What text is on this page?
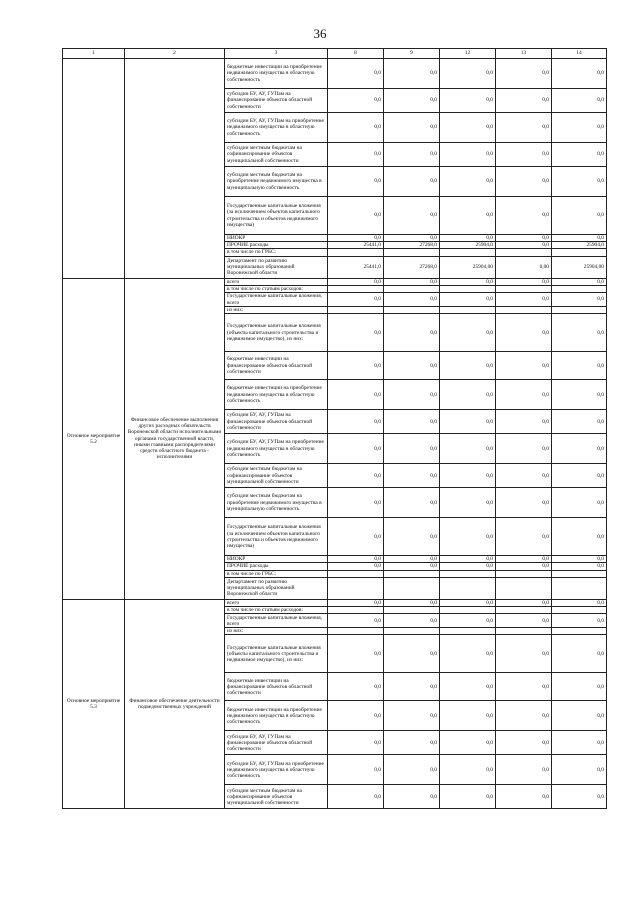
36
1	2	3	8	9	12	13	14
		бюджетные инвестиции на приобретение недвижимого имущества в областную собственность	0,0	0,0	0,0	0,0	0,0
		субсидии БУ, АУ, ГУПам на финансирование объектов областной собственности	0,0	0,0	0,0	0,0	0,0
		субсидии БУ, АУ, ГУПам на приобретение недвижимого имущества в областную собственность	0,0	0,0	0,0	0,0	0,0
		субсидии местным бюджетам на софинансирование объектов муниципальной собственности	0,0	0,0	0,0	0,0	0,0
		субсидии местным бюджетам на приобретение недвижимого имущества в муниципальную собственность	0,0	0,0	0,0	0,0	0,0
		Государственные капитальные вложения (за исключением объектов капитального строительства и объектов недвижимого имущества)	0,0	0,0	0,0	0,0	0,0
		НИОКР	0,0	0,0	0,0	0,0	0,0
		ПРОЧИЕ расходы	25441,0	27268,0	25904,0	0,0	25904,0
		в том числе по ГРБС:					
		Департамент по развитию муниципальных образований Воронежской области	25441,0	27268,0	25904,00	0,00	25904,00
Основное мероприятие 5.2	Финансовое обеспечение выполнения других расходных обязательств Воронежской области исполнительными органами государственной власти, иными главными распорядителями средств областного бюджета - исполнителями	всего	0,0	0,0	0,0	0,0	0,0
		в том числе по статьям расходов:					
		Государственные капитальные вложения, всего	0,0	0,0	0,0	0,0	0,0
		из них:					
		Государственные капитальные вложения (объекты капитального строительства и недвижимое имущество), из них:	0,0	0,0	0,0	0,0	0,0
		бюджетные инвестиции на финансирование объектов областной собственности	0,0	0,0	0,0	0,0	0,0
		бюджетные инвестиции на приобретение недвижимого имущества в областную собственность	0,0	0,0	0,0	0,0	0,0
		субсидии БУ, АУ, ГУПам на финансирование объектов областной собственности	0,0	0,0	0,0	0,0	0,0
		субсидии БУ, АУ, ГУПам на приобретение недвижимого имущества в областную собственность	0,0	0,0	0,0	0,0	0,0
		субсидии местным бюджетам на софинансирование объектов муниципальной собственности	0,0	0,0	0,0	0,0	0,0
		субсидии местным бюджетам на приобретение недвижимого имущества в муниципальную собственность	0,0	0,0	0,0	0,0	0,0
		Государственные капитальные вложения (за исключением объектов капитального строительства и объектов недвижимого имущества)	0,0	0,0	0,0	0,0	0,0
		НИОКР	0,0	0,0	0,0	0,0	0,0
		ПРОЧИЕ расходы	0,0	0,0	0,0	0,0	0,0
		в том числе по ГРБС:					
		Департамент по развитию муниципальных образований Воронежской области					
Основное мероприятие 5.3	Финансовое обеспечение деятельности подведомственных учреждений	всего	0,0	0,0	0,0	0,0	0,0
		в том числе по статьям расходов:					
		Государственные капитальные вложения, всего	0,0	0,0	0,0	0,0	0,0
		из них:					
		Государственные капитальные вложения (объекты капитального строительства и недвижимое имущество), из них:	0,0	0,0	0,0	0,0	0,0
		бюджетные инвестиции на финансирование объектов областной собственности	0,0	0,0	0,0	0,0	0,0
		бюджетные инвестиции на приобретение недвижимого имущества в областную собственность	0,0	0,0	0,0	0,0	0,0
		субсидии БУ, АУ, ГУПам на финансирование объектов областной собственности	0,0	0,0	0,0	0,0	0,0
		субсидии БУ, АУ, ГУПам на приобретение недвижимого имущества в областную собственность	0,0	0,0	0,0	0,0	0,0
		субсидии местным бюджетам на софинансирование объектов муниципальной собственности	0,0	0,0	0,0	0,0	0,0
